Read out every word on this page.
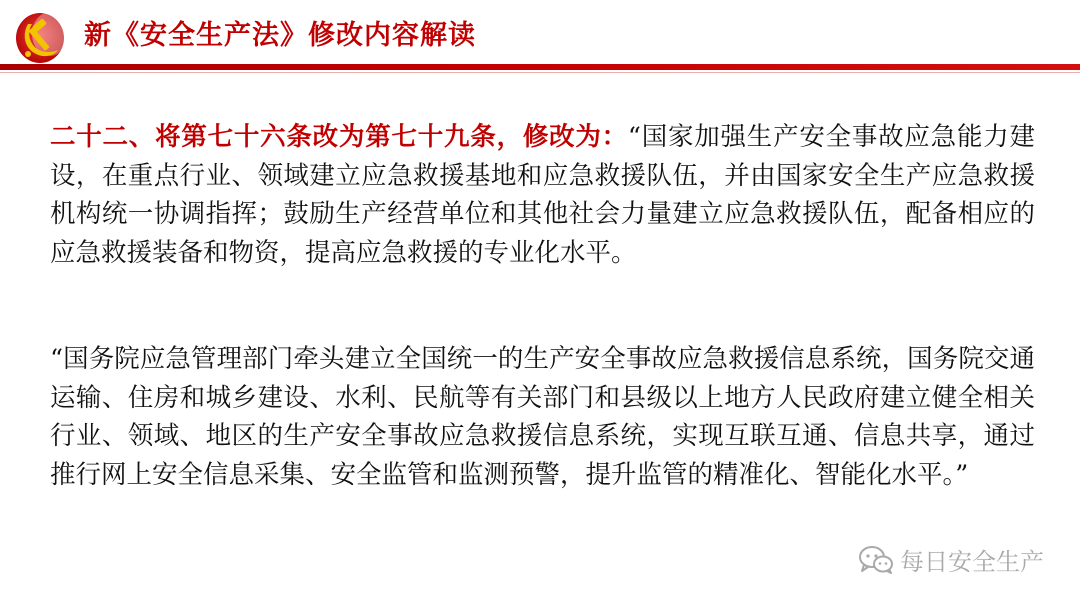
新《安全生产法》修改内容解读

二十二、将第七十六条改为第七十九条，修改为：“国家加强生产安全事故应急能力建设，在重点行业、领域建立应急救援基地和应急救援队伍，并由国家安全生产应急救援机构统一协调指挥；鼓励生产经营单位和其他社会力量建立应急救援队伍，配备相应的应急救援装备和物资，提高应急救援的专业化水平。

“国务院应急管理部门牵头建立全国统一的生产安全事故应急救援信息系统，国务院交通运输、住房和城乡建设、水利、民航等有关部门和县级以上地方人民政府建立健全相关行业、领域、地区的生产安全事故应急救援信息系统，实现互联互通、信息共享，通过推行网上安全信息采集、安全监管和监测预警，提升监管的精准化、智能化水平。”

每日安全生产
